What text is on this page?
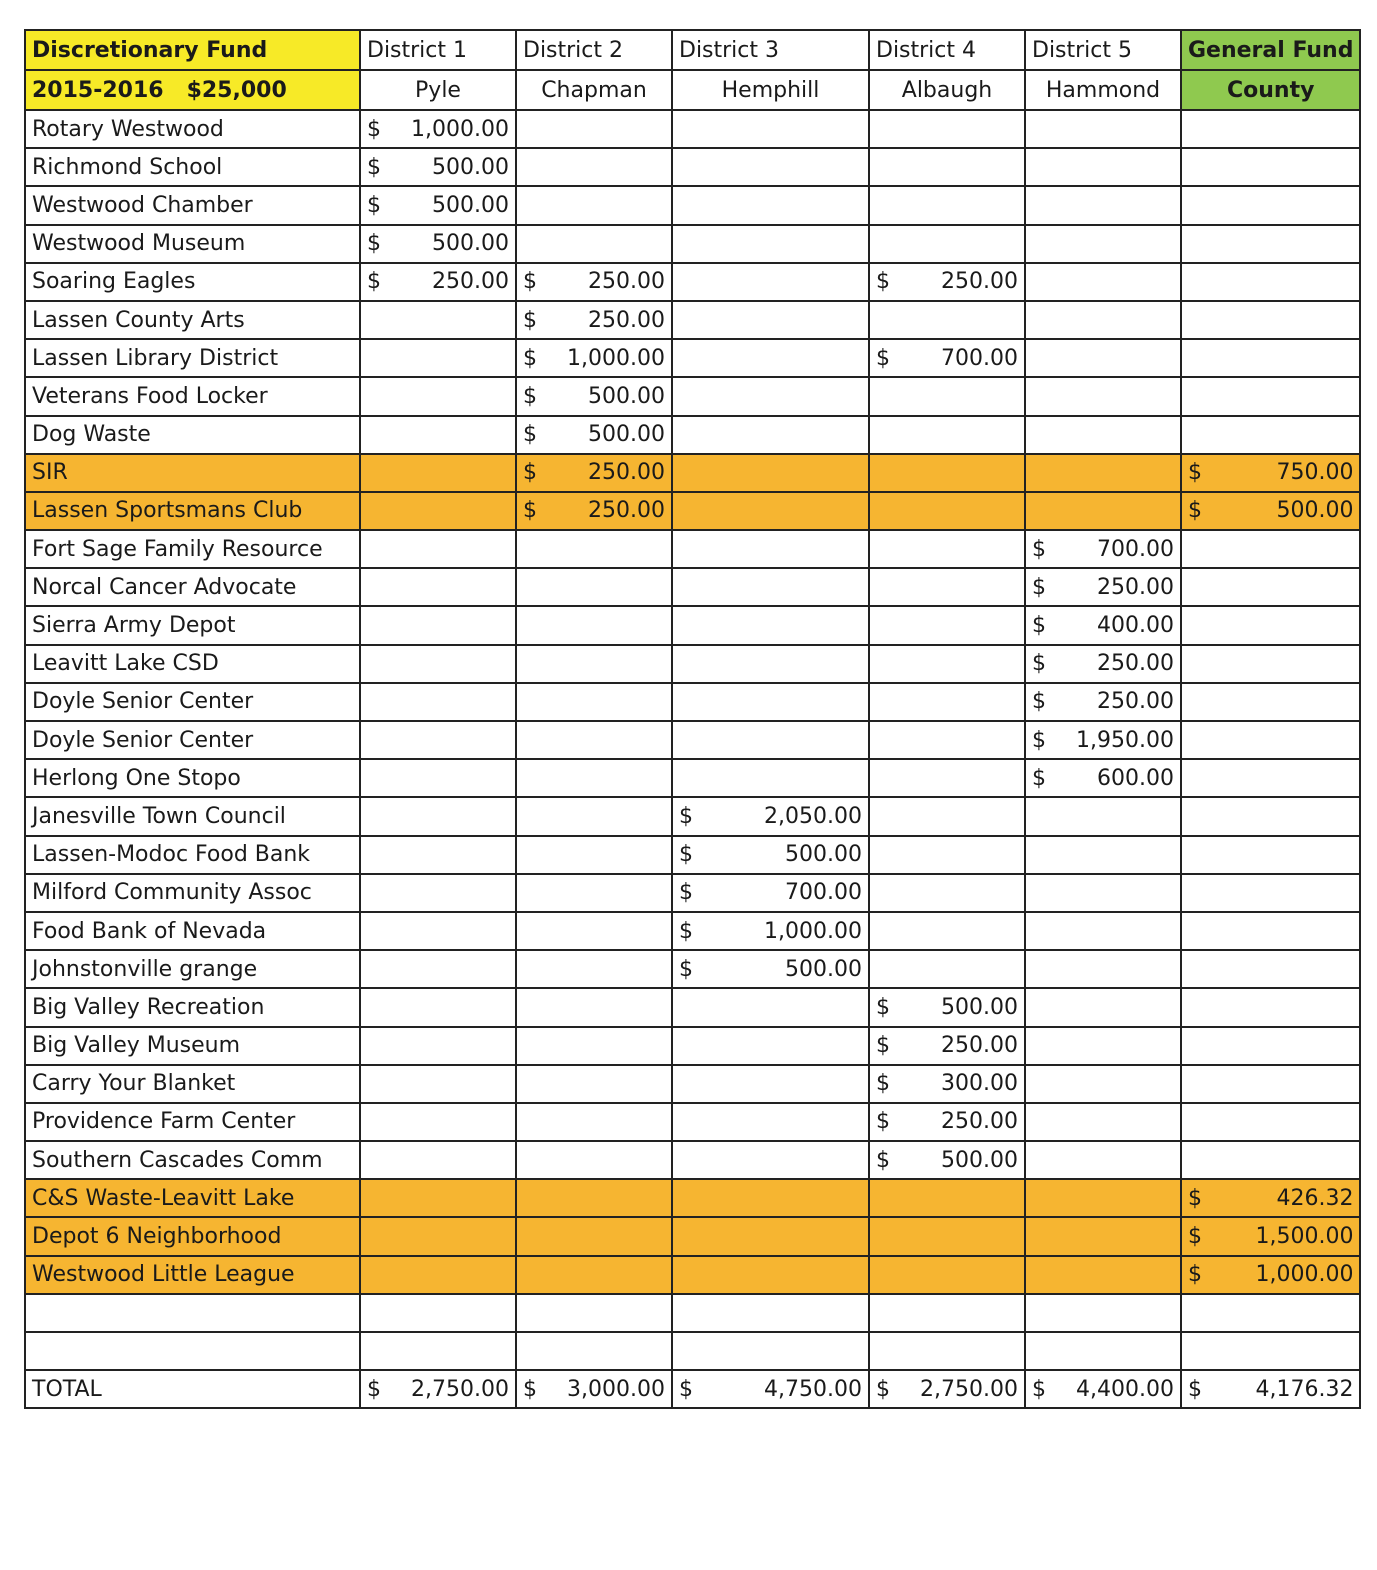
Discretionary Fund	District 1	District 2	District 3	District 4	District 5	General Fund
2015-2016   $25,000	Pyle	Chapman	Hemphill	Albaugh	Hammond	County
Rotary Westwood	$ 1,000.00					

Richmond School	$ 500.00					

Westwood Chamber	$ 500.00					

Westwood Museum	$ 500.00					

Soaring Eagles	$ 250.00	$ 250.00		$ 250.00		

Lassen County Arts		$ 250.00				

Lassen Library District		$ 1,000.00		$ 700.00		

Veterans Food Locker		$ 500.00				

Dog Waste		$ 500.00				

SIR		$ 250.00				$ 750.00

Lassen Sportsmans Club		$ 250.00				$ 500.00

Fort Sage Family Resource					$ 700.00	

Norcal Cancer Advocate					$ 250.00	

Sierra Army Depot					$ 400.00	

Leavitt Lake CSD					$ 250.00	

Doyle Senior Center					$ 250.00	

Doyle Senior Center					$ 1,950.00	

Herlong One Stopo					$ 600.00	

Janesville Town Council			$ 2,050.00			

Lassen-Modoc Food Bank			$ 500.00			

Milford Community Assoc			$ 700.00			

Food Bank of Nevada			$ 1,000.00			

Johnstonville grange			$ 500.00			

Big Valley Recreation				$ 500.00		

Big Valley Museum				$ 250.00		

Carry Your Blanket				$ 300.00		

Providence Farm Center				$ 250.00		

Southern Cascades Comm				$ 500.00		

C&S Waste-Leavitt Lake						$ 426.32

Depot 6 Neighborhood						$ 1,500.00

Westwood Little League						$ 1,000.00

TOTAL	$ 2,750.00	$ 3,000.00	$ 4,750.00	$ 2,750.00	$ 4,400.00	$ 4,176.32
